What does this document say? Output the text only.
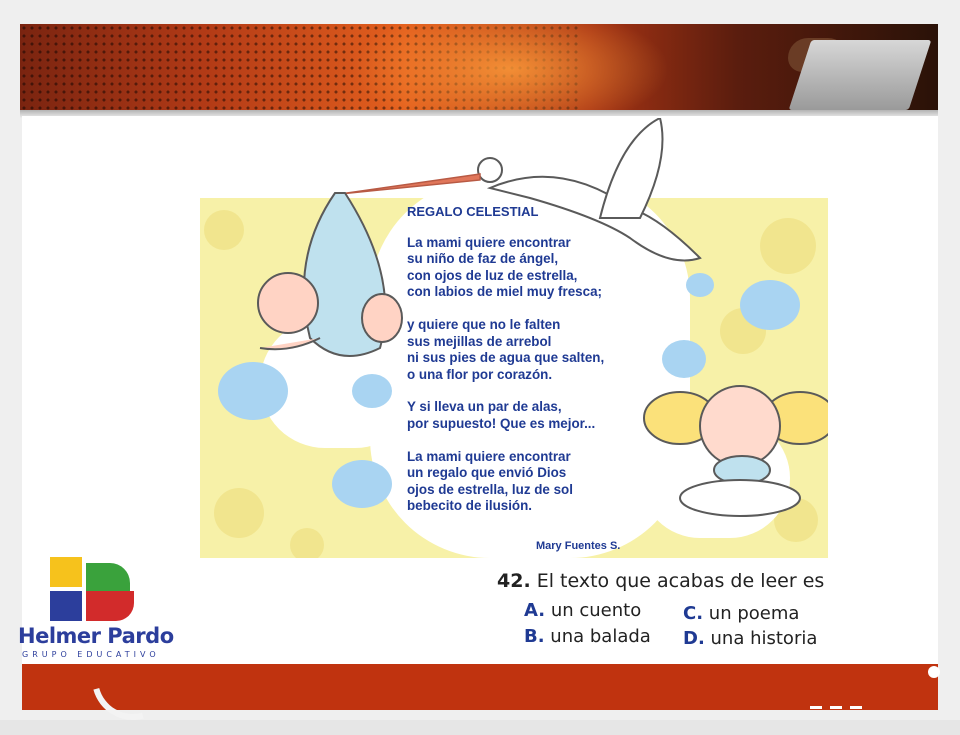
REGALO CELESTIAL
La mami quiere encontrar
su niño de faz de ángel,
con ojos de luz de estrella,
con labios de miel muy fresca;
y quiere que no le falten
sus mejillas de arrebol
ni sus pies de agua que salten,
o una flor por corazón.
Y si lleva un par de alas,
por supuesto! Que es mejor...
La mami quiere encontrar
un regalo que envió Dios
ojos de estrella, luz de sol
bebecito de ilusión.
Mary Fuentes S.
42. El texto que acabas de leer es
A. un cuento
B. una balada
C. un poema
D. una historia
Helmer Pardo
GRUPO EDUCATIVO
